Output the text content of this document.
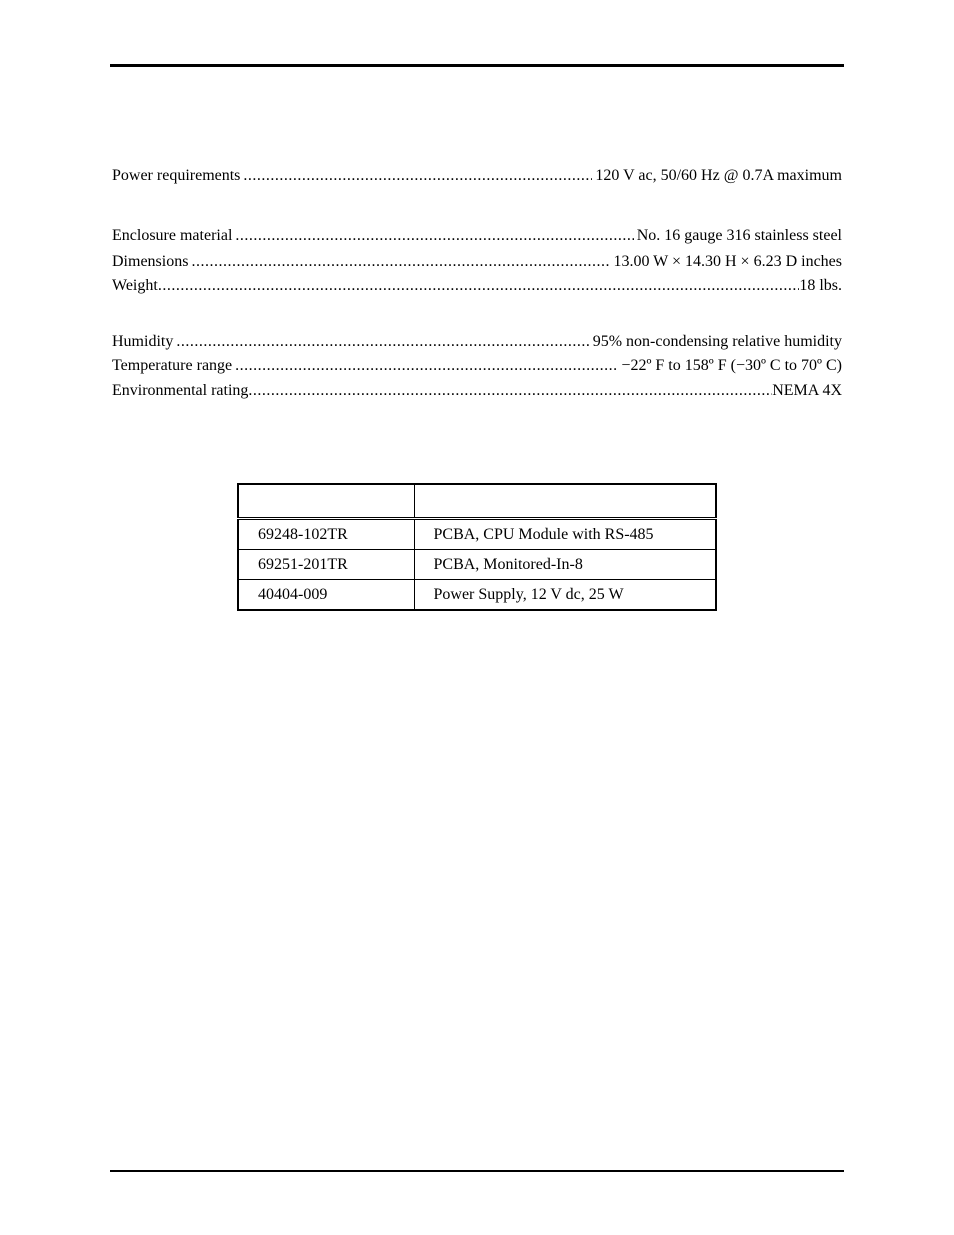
Power requirements .....	120 V ac, 50/60 Hz @ 0.7A maximum
Enclosure material .....	No. 16 gauge 316 stainless steel
Dimensions .....	13.00 W × 14.30 H × 6.23 D inches
Weight .....	18 lbs.
Humidity .....	95% non-condensing relative humidity
Temperature range .....	−22º F to 158º F (−30º C to 70º C)
Environmental rating .....	NEMA 4X

69248-102TR	PCBA, CPU Module with RS-485
69251-201TR	PCBA, Monitored-In-8
40404-009	Power Supply, 12 V dc, 25 W
